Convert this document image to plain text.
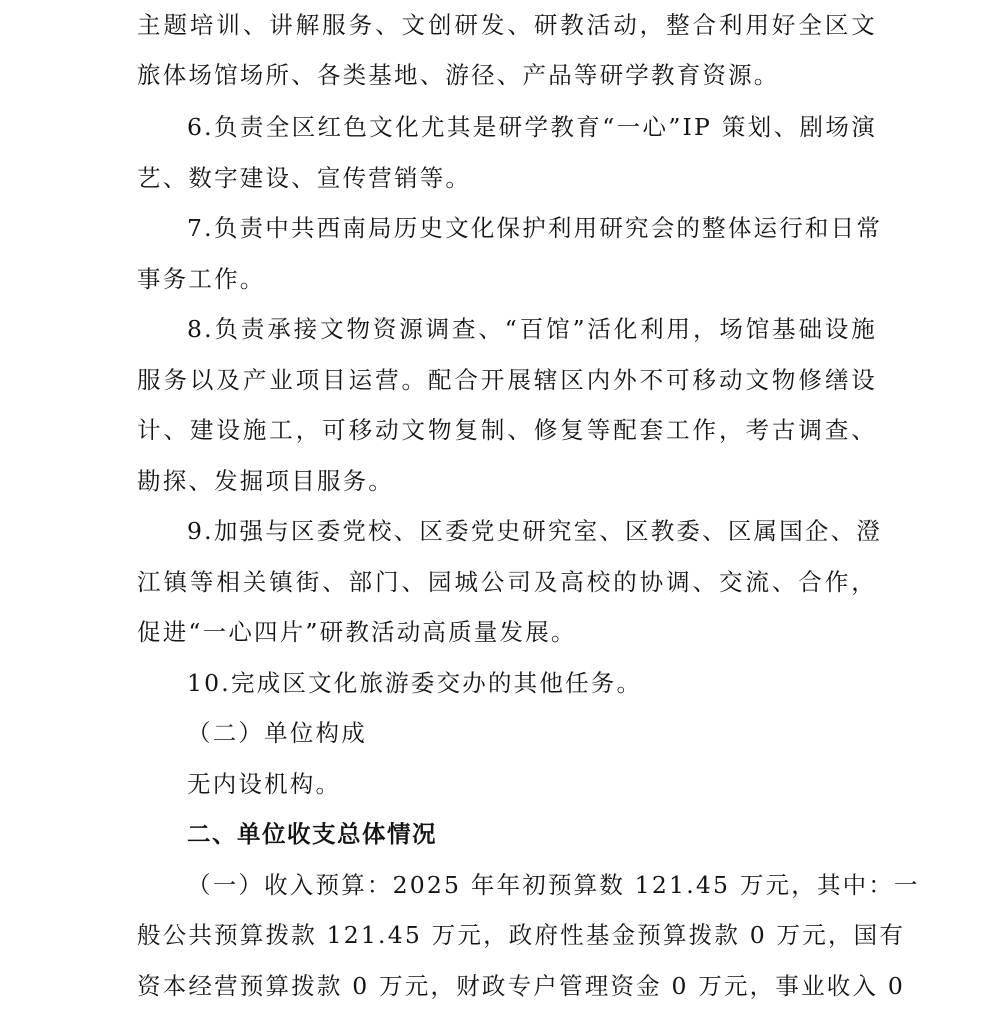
主题培训、讲解服务、文创研发、研教活动，整合利用好全区文
旅体场馆场所、各类基地、游径、产品等研学教育资源。
6.负责全区红色文化尤其是研学教育“一心”IP 策划、剧场演
艺、数字建设、宣传营销等。
7.负责中共西南局历史文化保护利用研究会的整体运行和日常
事务工作。
8.负责承接文物资源调查、“百馆”活化利用，场馆基础设施
服务以及产业项目运营。配合开展辖区内外不可移动文物修缮设
计、建设施工，可移动文物复制、修复等配套工作，考古调查、
勘探、发掘项目服务。
9.加强与区委党校、区委党史研究室、区教委、区属国企、澄
江镇等相关镇街、部门、园城公司及高校的协调、交流、合作，
促进“一心四片”研教活动高质量发展。
10.完成区文化旅游委交办的其他任务。
（二）单位构成
无内设机构。
二、单位收支总体情况
（一）收入预算：2025 年年初预算数 121.45 万元，其中：一
般公共预算拨款 121.45 万元，政府性基金预算拨款 0 万元，国有
资本经营预算拨款 0 万元，财政专户管理资金 0 万元，事业收入 0
